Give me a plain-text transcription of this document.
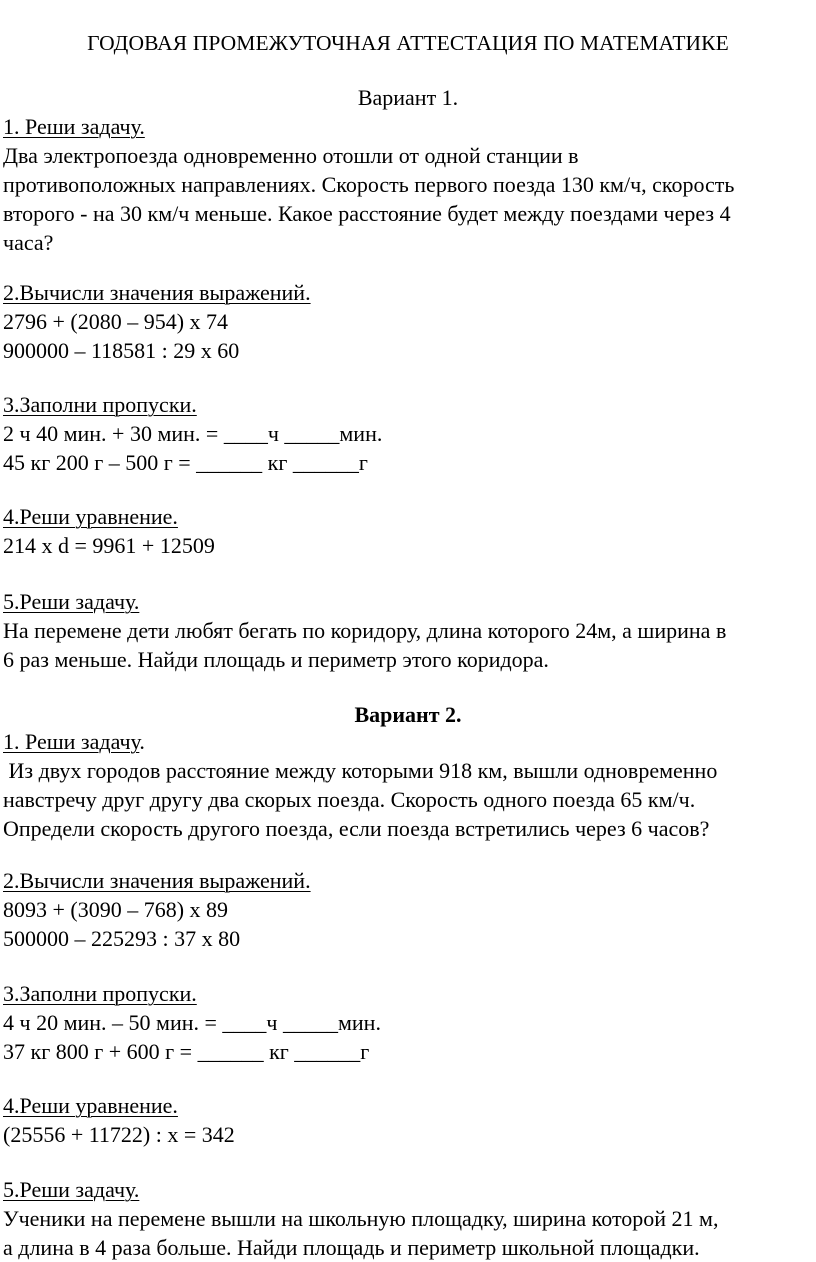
ГОДОВАЯ ПРОМЕЖУТОЧНАЯ АТТЕСТАЦИЯ ПО МАТЕМАТИКЕ
Вариант 1.
1. Реши задачу.
Два электропоезда одновременно отошли от одной станции в
противоположных направлениях. Скорость первого поезда 130 км/ч, скорость
второго - на 30 км/ч меньше. Какое расстояние будет между поездами через 4
часа?
2.Вычисли значения выражений.
2796 + (2080 – 954) х 74
900000 – 118581 : 29 х 60
3.Заполни пропуски.
2 ч 40 мин. + 30 мин. = ____ч _____мин.
45 кг 200 г – 500 г = ______ кг ______г
4.Реши уравнение.
214 х d = 9961 + 12509
5.Реши задачу.
На перемене дети любят бегать по коридору, длина которого 24м, а ширина в
6 раз меньше. Найди площадь и периметр этого коридора.
Вариант 2.
1. Реши задачу.
Из двух городов расстояние между которыми 918 км, вышли одновременно
навстречу друг другу два скорых поезда. Скорость одного поезда 65 км/ч.
Определи скорость другого поезда, если поезда встретились через 6 часов?
2.Вычисли значения выражений.
8093 + (3090 – 768) х 89
500000 – 225293 : 37 х 80
3.Заполни пропуски.
4 ч 20 мин. – 50 мин. = ____ч _____мин.
37 кг 800 г + 600 г = ______ кг ______г
4.Реши уравнение.
(25556 + 11722) : х = 342
5.Реши задачу.
Ученики на перемене вышли на школьную площадку, ширина которой 21 м,
а длина в 4 раза больше. Найди площадь и периметр школьной площадки.
